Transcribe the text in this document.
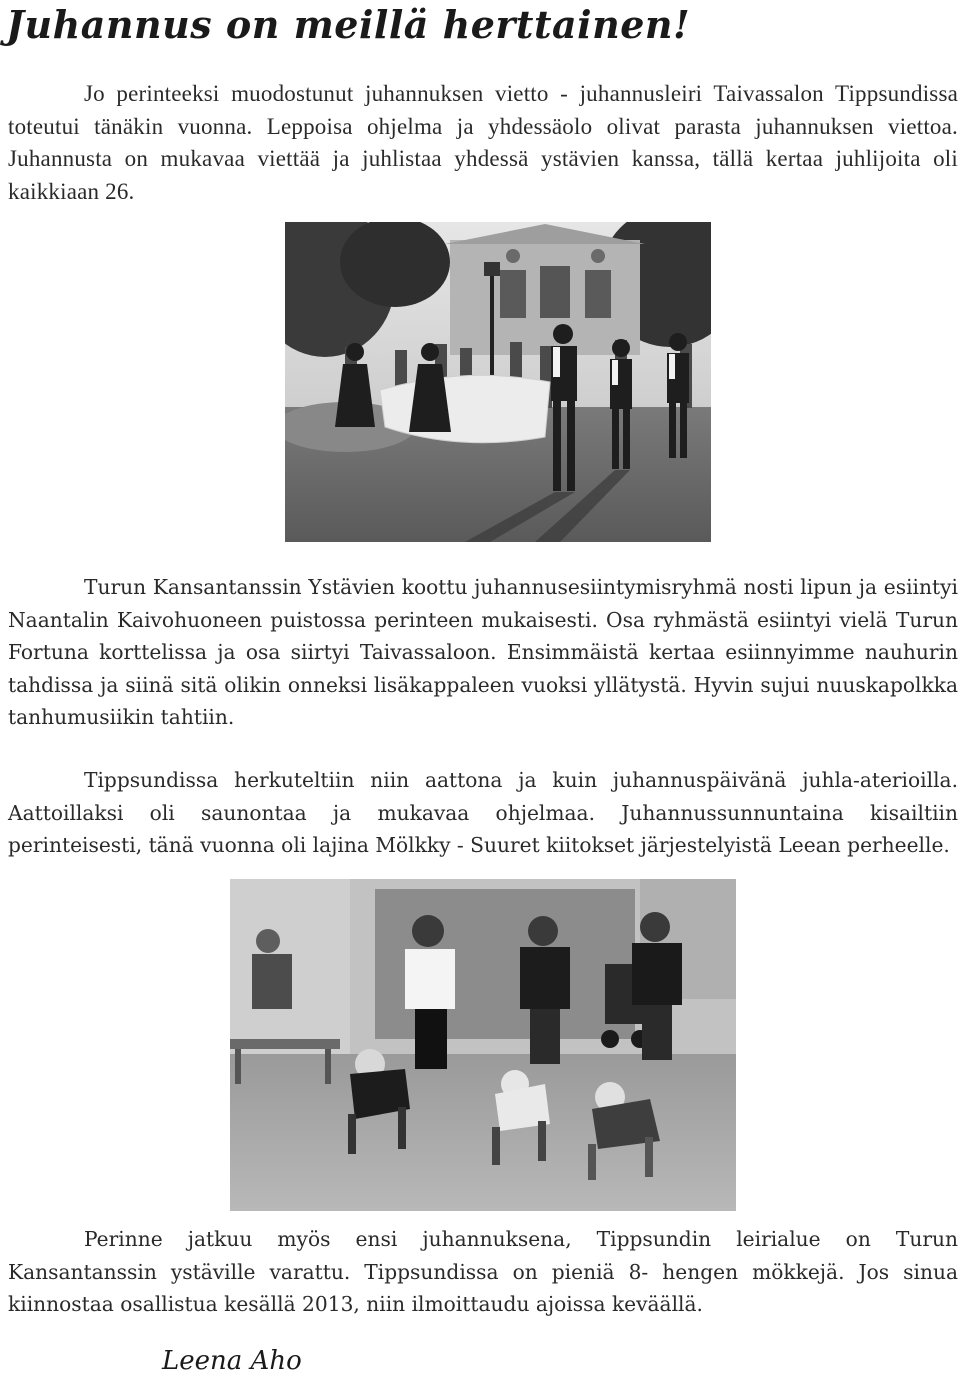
Juhannus on meillä herttainen!

Jo perinteeksi muodostunut juhannuksen vietto - juhannusleiri Taivassalon Tippsundissa toteutui tänäkin vuonna. Leppoisa ohjelma ja yhdessäolo olivat parasta juhannuksen viettoa. Juhannusta on mukavaa viettää ja juhlistaa yhdessä ystävien kanssa, tällä kertaa juhlijoita oli kaikkiaan 26.

Turun Kansantanssin Ystävien koottu juhannusesiintymisryhmä nosti lipun ja esiintyi Naantalin Kaivohuoneen puistossa perinteen mukaisesti. Osa ryhmästä esiintyi vielä Turun Fortuna korttelissa ja osa siirtyi Taivassaloon. Ensimmäistä kertaa esiinnyimme nauhurin tahdissa ja siinä sitä olikin onneksi lisäkappaleen vuoksi yllätystä. Hyvin sujui nuuskapolkka tanhumusiikin tahtiin.

Tippsundissa herkuteltiin niin aattona ja kuin juhannuspäivänä juhla-aterioilla. Aattoillaksi oli saunontaa ja mukavaa ohjelmaa. Juhannussunnuntaina kisailtiin perinteisesti, tänä vuonna oli lajina Mölkky - Suuret kiitokset järjestelyistä Leean perheelle.

Perinne jatkuu myös ensi juhannuksena, Tippsundin leirialue on Turun Kansantanssin ystäville varattu. Tippsundissa on pieniä 8- hengen mökkejä. Jos sinua kiinnostaa osallistua kesällä 2013, niin ilmoittaudu ajoissa keväällä.

Leena Aho
